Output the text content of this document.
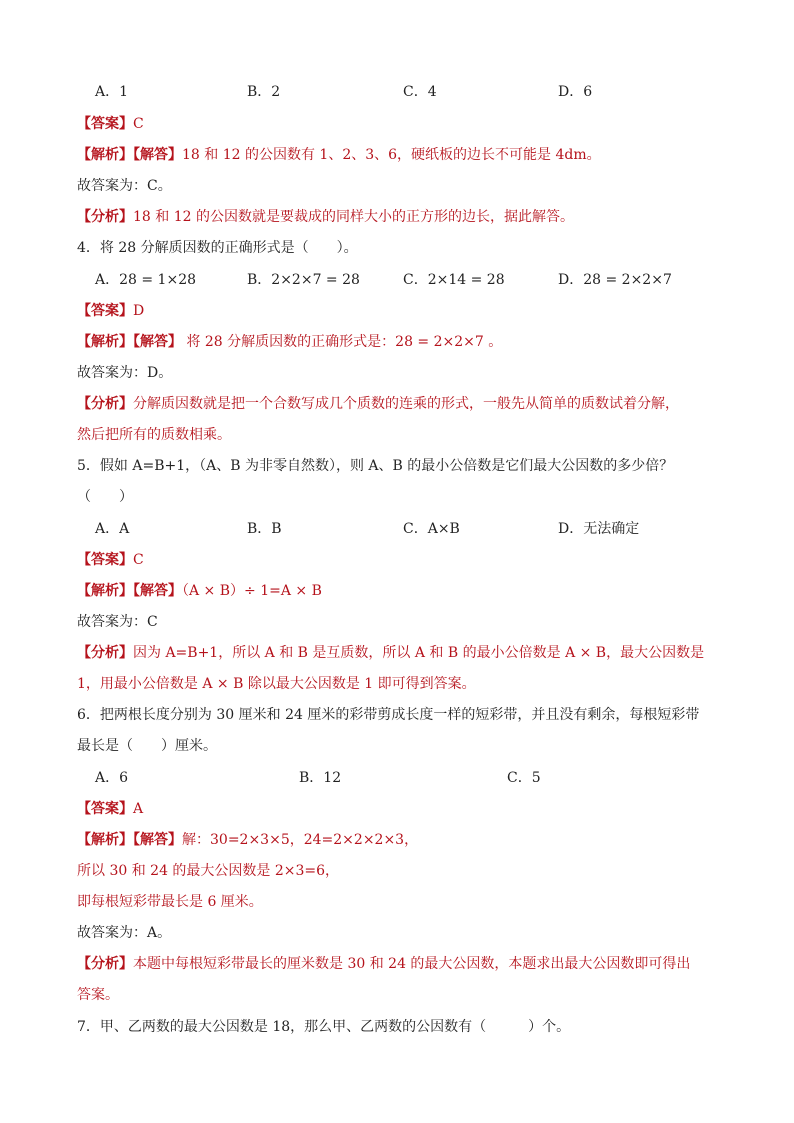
A．1	B．2	C．4	D．6
【答案】C
【解析】【解答】18 和 12 的公因数有 1、2、3、6，硬纸板的边长不可能是 4dm。
故答案为：C。
【分析】18 和 12 的公因数就是要裁成的同样大小的正方形的边长，据此解答。
4．将 28 分解质因数的正确形式是（　　）。
A．28 = 1×28	B．2×2×7 = 28	C．2×14 = 28	D．28 = 2×2×7
【答案】D
【解析】【解答】 将 28 分解质因数的正确形式是：28 = 2×2×7 。
故答案为：D。
【分析】分解质因数就是把一个合数写成几个质数的连乘的形式，一般先从简单的质数试着分解，
然后把所有的质数相乘。
5．假如 A=B+1，（A、B 为非零自然数），则 A、B 的最小公倍数是它们最大公因数的多少倍？
（　　）
A．A	B．B	C．A×B	D．无法确定
【答案】C
【解析】【解答】（A × B）÷ 1=A × B
故答案为：C
【分析】因为 A=B+1，所以 A 和 B 是互质数，所以 A 和 B 的最小公倍数是 A × B，最大公因数是
1，用最小公倍数是 A × B 除以最大公因数是 1 即可得到答案。
6．把两根长度分别为 30 厘米和 24 厘米的彩带剪成长度一样的短彩带，并且没有剩余，每根短彩带
最长是（　　）厘米。
A．6	B．12	C．5
【答案】A
【解析】【解答】解：30=2×3×5，24=2×2×2×3，
所以 30 和 24 的最大公因数是 2×3=6，
即每根短彩带最长是 6 厘米。
故答案为：A。
【分析】本题中每根短彩带最长的厘米数是 30 和 24 的最大公因数，本题求出最大公因数即可得出
答案。
7．甲、乙两数的最大公因数是 18，那么甲、乙两数的公因数有（　　　）个。
